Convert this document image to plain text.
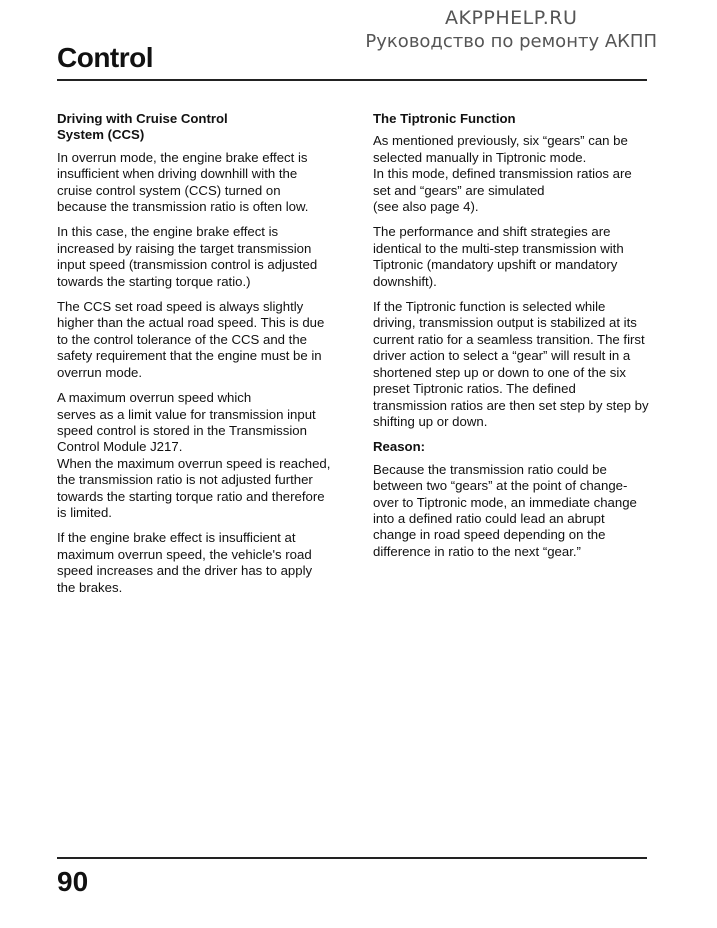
AKPPHELP.RU
Руководство по ремонту АКПП
Control
Driving with Cruise Control
System (CCS)

In overrun mode, the engine brake effect is insufficient when driving downhill with the cruise control system (CCS) turned on because the transmission ratio is often low.

In this case, the engine brake effect is increased by raising the target transmission input speed (transmission control is adjusted towards the starting torque ratio.)

The CCS set road speed is always slightly higher than the actual road speed. This is due to the control tolerance of the CCS and the safety requirement that the engine must be in overrun mode.

A maximum overrun speed which
serves as a limit value for transmission input speed control is stored in the Transmission Control Module J217.
When the maximum overrun speed is reached, the transmission ratio is not adjusted further towards the starting torque ratio and therefore is limited.

If the engine brake effect is insufficient at maximum overrun speed, the vehicle's road speed increases and the driver has to apply the brakes.

The Tiptronic Function

As mentioned previously, six “gears” can be selected manually in Tiptronic mode.
In this mode, defined transmission ratios are set and “gears” are simulated
(see also page 4).

The performance and shift strategies are identical to the multi-step transmission with Tiptronic (mandatory upshift or mandatory downshift).

If the Tiptronic function is selected while driving, transmission output is stabilized at its current ratio for a seamless transition. The first driver action to select a “gear” will result in a shortened step up or down to one of the six preset Tiptronic ratios. The defined transmission ratios are then set step by step by shifting up or down.

Reason:

Because the transmission ratio could be between two “gears” at the point of change-over to Tiptronic mode, an immediate change into a defined ratio could lead an abrupt change in road speed depending on the difference in ratio to the next “gear.”

90
